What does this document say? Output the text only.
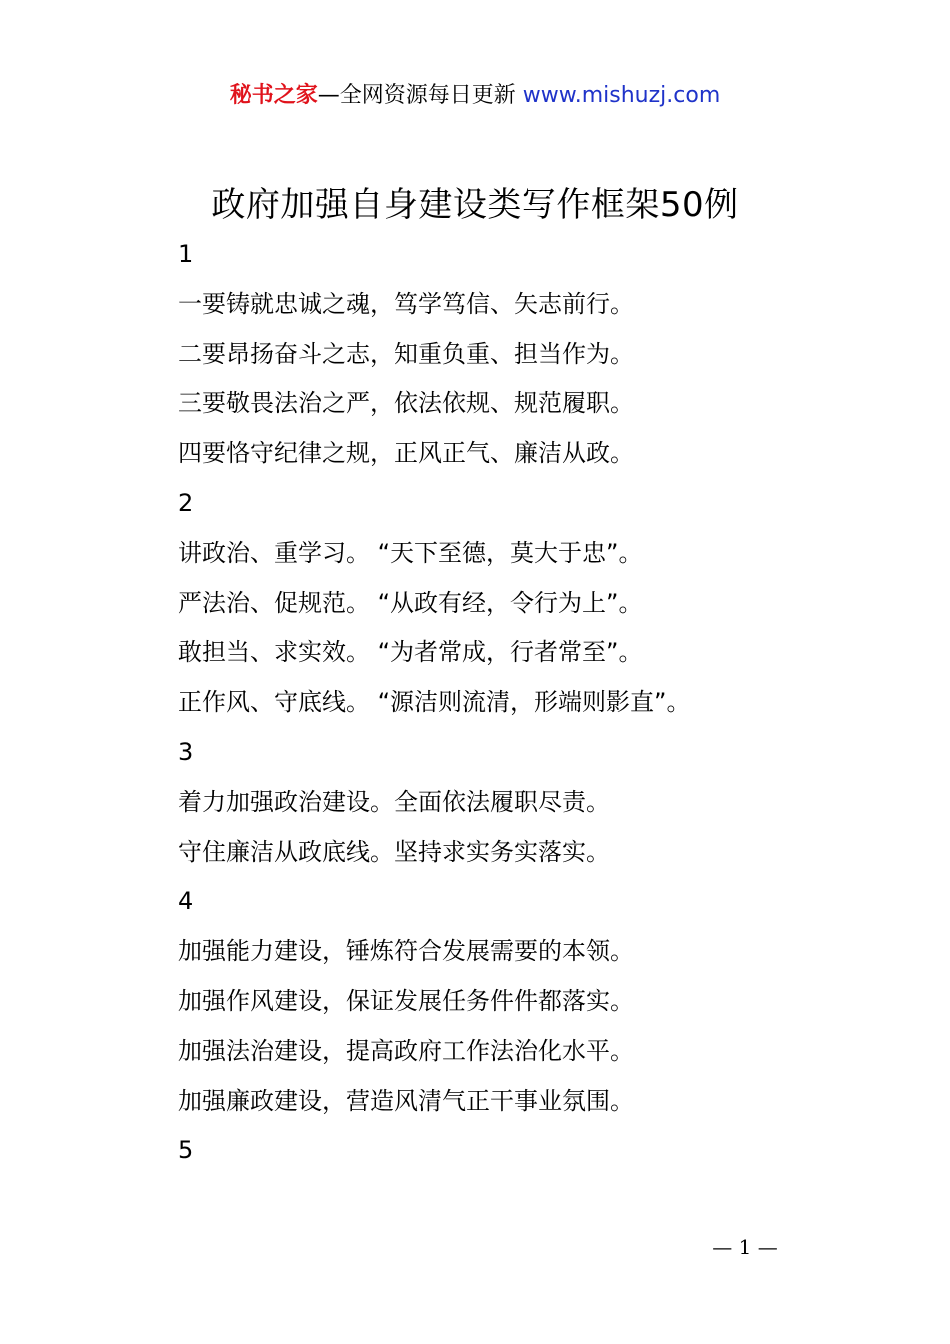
秘书之家—全网资源每日更新 www.mishuzj.com
政府加强自身建设类写作框架50例
1
一要铸就忠诚之魂，笃学笃信、矢志前行。
二要昂扬奋斗之志，知重负重、担当作为。
三要敬畏法治之严，依法依规、规范履职。
四要恪守纪律之规，正风正气、廉洁从政。
2
讲政治、重学习。 “天下至德，莫大于忠”。
严法治、促规范。 “从政有经，令行为上”。
敢担当、求实效。 “为者常成，行者常至”。
正作风、守底线。 “源洁则流清，形端则影直”。
3
着力加强政治建设。全面依法履职尽责。
守住廉洁从政底线。坚持求实务实落实。
4
加强能力建设，锤炼符合发展需要的本领。
加强作风建设，保证发展任务件件都落实。
加强法治建设，提高政府工作法治化水平。
加强廉政建设，营造风清气正干事业氛围。
5
— 1 —
